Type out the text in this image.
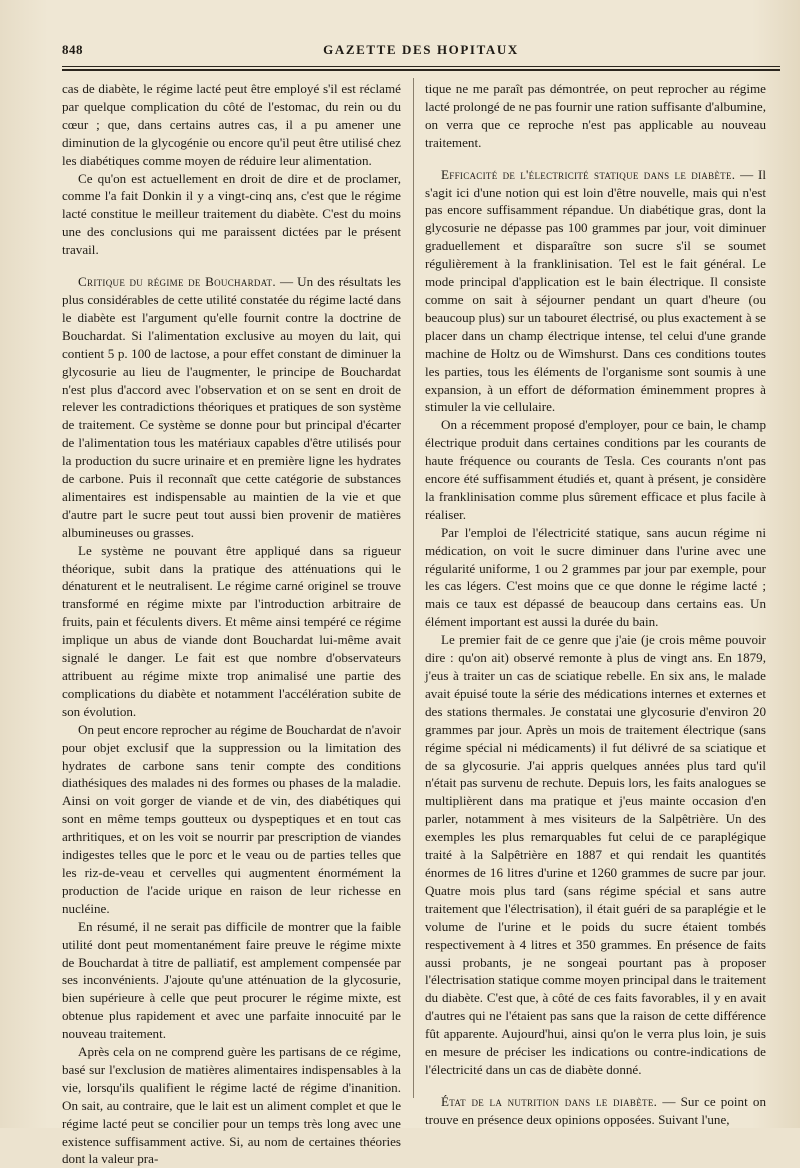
848	GAZETTE DES HOPITAUX

cas de diabète, le régime lacté peut être employé s'il est réclamé par quelque complication du côté de l'estomac, du rein ou du cœur ; que, dans certains autres cas, il a pu amener une diminution de la glycogénie ou encore qu'il peut être utilisé chez les diabétiques comme moyen de réduire leur alimentation.

Ce qu'on est actuellement en droit de dire et de proclamer, comme l'a fait Donkin il y a vingt-cinq ans, c'est que le régime lacté constitue le meilleur traitement du diabète. C'est du moins une des conclusions qui me paraissent dictées par le présent travail.

Critique du régime de Bouchardat. — Un des résultats les plus considérables de cette utilité constatée du régime lacté dans le diabète est l'argument qu'elle fournit contre la doctrine de Bouchardat. Si l'alimentation exclusive au moyen du lait, qui contient 5 p. 100 de lactose, a pour effet constant de diminuer la glycosurie au lieu de l'augmenter, le principe de Bouchardat n'est plus d'accord avec l'observation et on se sent en droit de relever les contradictions théoriques et pratiques de son système de traitement. Ce système se donne pour but principal d'écarter de l'alimentation tous les matériaux capables d'être utilisés pour la production du sucre urinaire et en première ligne les hydrates de carbone. Puis il reconnaît que cette catégorie de substances alimentaires est indispensable au maintien de la vie et que d'autre part le sucre peut tout aussi bien provenir de matières albumineuses ou grasses.

Le système ne pouvant être appliqué dans sa rigueur théorique, subit dans la pratique des atténuations qui le dénaturent et le neutralisent. Le régime carné originel se trouve transformé en régime mixte par l'introduction arbitraire de fruits, pain et féculents divers. Et même ainsi tempéré ce régime implique un abus de viande dont Bouchardat lui-même avait signalé le danger. Le fait est que nombre d'observateurs attribuent au régime mixte trop animalisé une partie des complications du diabète et notamment l'accélération subite de son évolution.

On peut encore reprocher au régime de Bouchardat de n'avoir pour objet exclusif que la suppression ou la limitation des hydrates de carbone sans tenir compte des conditions diathésiques des malades ni des formes ou phases de la maladie. Ainsi on voit gorger de viande et de vin, des diabétiques qui sont en même temps goutteux ou dyspeptiques et en tout cas arthritiques, et on les voit se nourrir par prescription de viandes indigestes telles que le porc et le veau ou de parties telles que les riz-de-veau et cervelles qui augmentent énormément la production de l'acide urique en raison de leur richesse en nucléine.

En résumé, il ne serait pas difficile de montrer que la faible utilité dont peut momentanément faire preuve le régime mixte de Bouchardat à titre de palliatif, est amplement compensée par ses inconvénients. J'ajoute qu'une atténuation de la glycosurie, bien supérieure à celle que peut procurer le régime mixte, est obtenue plus rapidement et avec une parfaite innocuité par le nouveau traitement.

Après cela on ne comprend guère les partisans de ce régime, basé sur l'exclusion de matières alimentaires indispensables à la vie, lorsqu'ils qualifient le régime lacté de régime d'inanition. On sait, au contraire, que le lait est un aliment complet et que le régime lacté peut se concilier pour un temps très long avec une existence suffisamment active. Si, au nom de certaines théories dont la valeur pra-

tique ne me paraît pas démontrée, on peut reprocher au régime lacté prolongé de ne pas fournir une ration suffisante d'albumine, on verra que ce reproche n'est pas applicable au nouveau traitement.

Efficacité de l'électricité statique dans le diabète. — Il s'agit ici d'une notion qui est loin d'être nouvelle, mais qui n'est pas encore suffisamment répandue. Un diabétique gras, dont la glycosurie ne dépasse pas 100 grammes par jour, voit diminuer graduellement et disparaître son sucre s'il se soumet régulièrement à la franklinisation. Tel est le fait général. Le mode principal d'application est le bain électrique. Il consiste comme on sait à séjourner pendant un quart d'heure (ou beaucoup plus) sur un tabouret électrisé, ou plus exactement à se placer dans un champ électrique intense, tel celui d'une grande machine de Holtz ou de Wimshurst. Dans ces conditions toutes les parties, tous les éléments de l'organisme sont soumis à une expansion, à un effort de déformation éminemment propres à stimuler la vie cellulaire.

On a récemment proposé d'employer, pour ce bain, le champ électrique produit dans certaines conditions par les courants de haute fréquence ou courants de Tesla. Ces courants n'ont pas encore été suffisamment étudiés et, quant à présent, je considère la franklinisation comme plus sûrement efficace et plus facile à réaliser.

Par l'emploi de l'électricité statique, sans aucun régime ni médication, on voit le sucre diminuer dans l'urine avec une régularité uniforme, 1 ou 2 grammes par jour par exemple, pour les cas légers. C'est moins que ce que donne le régime lacté ; mais ce taux est dépassé de beaucoup dans certains eas. Un élément important est aussi la durée du bain.

Le premier fait de ce genre que j'aie (je crois même pouvoir dire : qu'on ait) observé remonte à plus de vingt ans. En 1879, j'eus à traiter un cas de sciatique rebelle. En six ans, le malade avait épuisé toute la série des médications internes et externes et des stations thermales. Je constatai une glycosurie d'environ 20 grammes par jour. Après un mois de traitement électrique (sans régime spécial ni médicaments) il fut délivré de sa sciatique et de sa glycosurie. J'ai appris quelques années plus tard qu'il n'était pas survenu de rechute. Depuis lors, les faits analogues se multiplièrent dans ma pratique et j'eus mainte occasion d'en parler, notamment à mes visiteurs de la Salpêtrière. Un des exemples les plus remarquables fut celui de ce paraplégique traité à la Salpêtrière en 1887 et qui rendait les quantités énormes de 16 litres d'urine et 1260 grammes de sucre par jour. Quatre mois plus tard (sans régime spécial et sans autre traitement que l'électrisation), il était guéri de sa paraplégie et le volume de l'urine et le poids du sucre étaient tombés respectivement à 4 litres et 350 grammes. En présence de faits aussi probants, je ne songeai pourtant pas à proposer l'électrisation statique comme moyen principal dans le traitement du diabète. C'est que, à côté de ces faits favorables, il y en avait d'autres qui ne l'étaient pas sans que la raison de cette différence fût apparente. Aujourd'hui, ainsi qu'on le verra plus loin, je suis en mesure de préciser les indications ou contre-indications de l'électricité dans un cas de diabète donné.

État de la nutrition dans le diabète. — Sur ce point on trouve en présence deux opinions opposées. Suivant l'une,
